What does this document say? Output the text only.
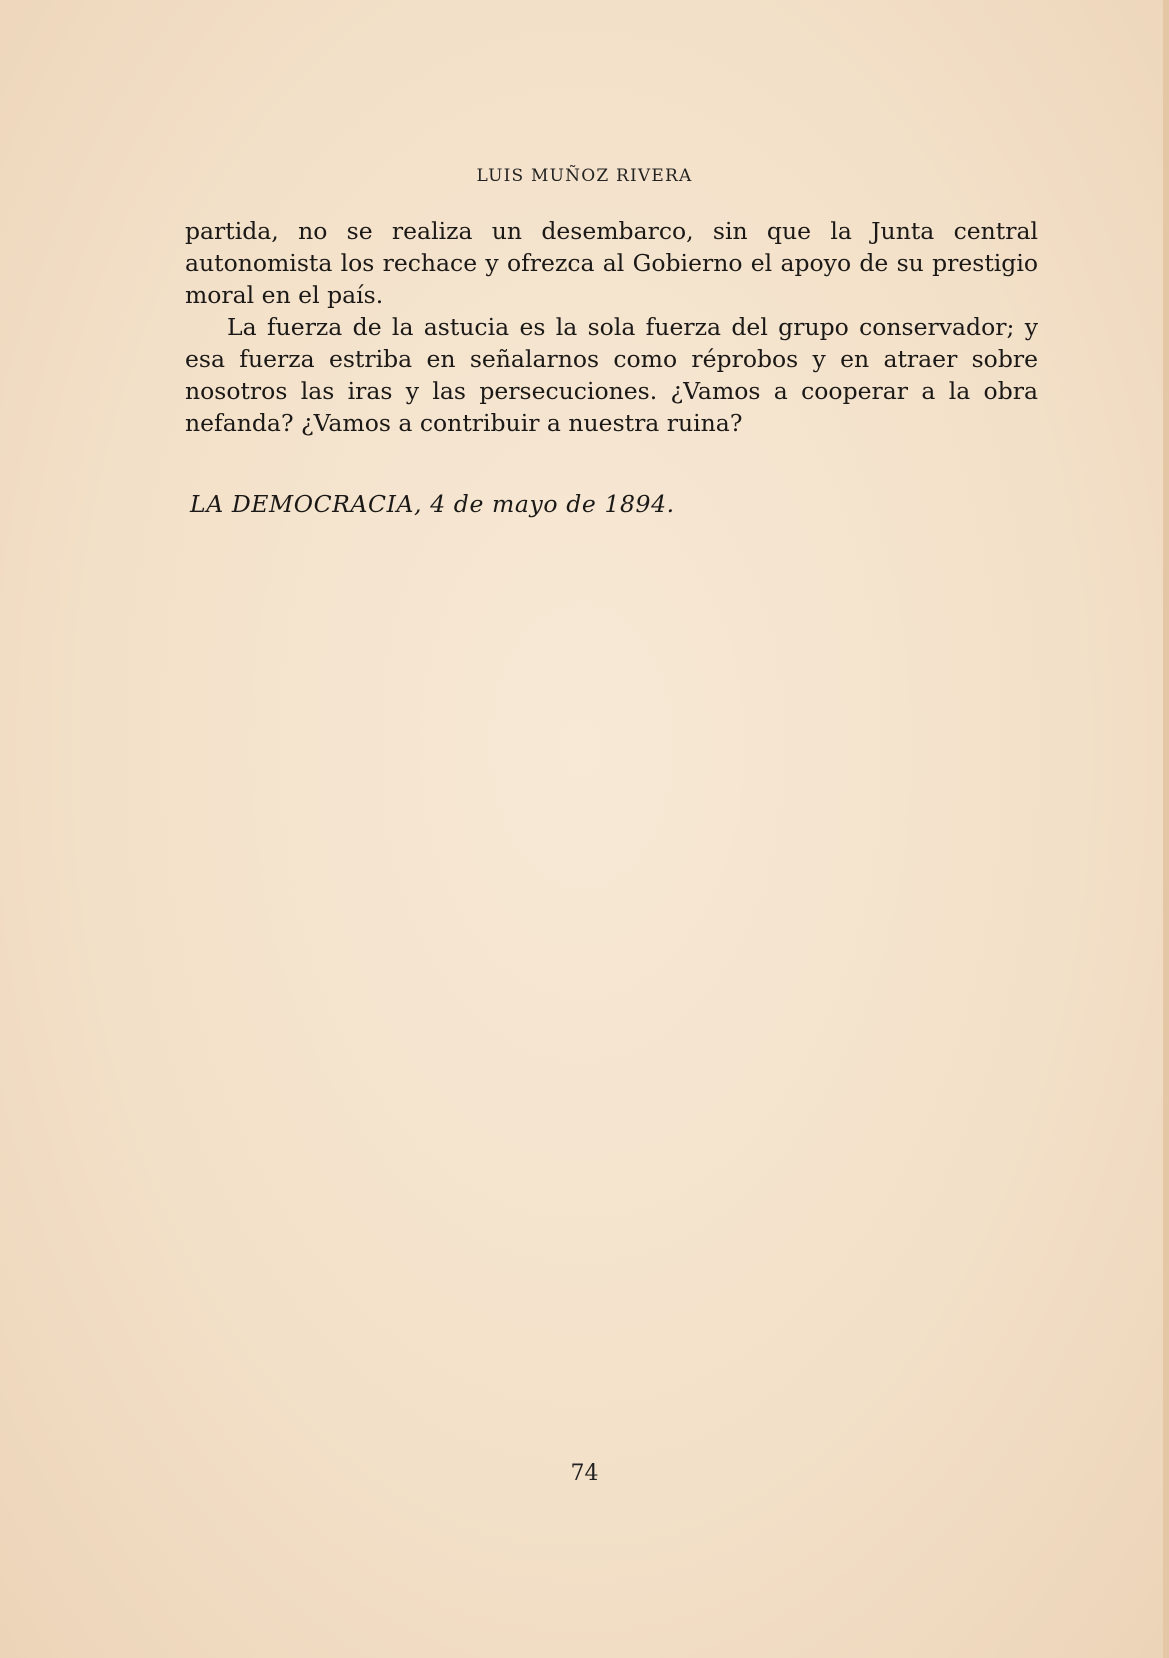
LUIS MUÑOZ RIVERA

partida, no se realiza un desembarco, sin que la Junta central autonomista los rechace y ofrezca al Gobierno el apoyo de su prestigio moral en el país.

La fuerza de la astucia es la sola fuerza del grupo conservador; y esa fuerza estriba en señalarnos como réprobos y en atraer sobre nosotros las iras y las persecuciones. ¿Vamos a cooperar a la obra nefanda? ¿Vamos a contribuir a nuestra ruina?

LA DEMOCRACIA, 4 de mayo de 1894.
74
